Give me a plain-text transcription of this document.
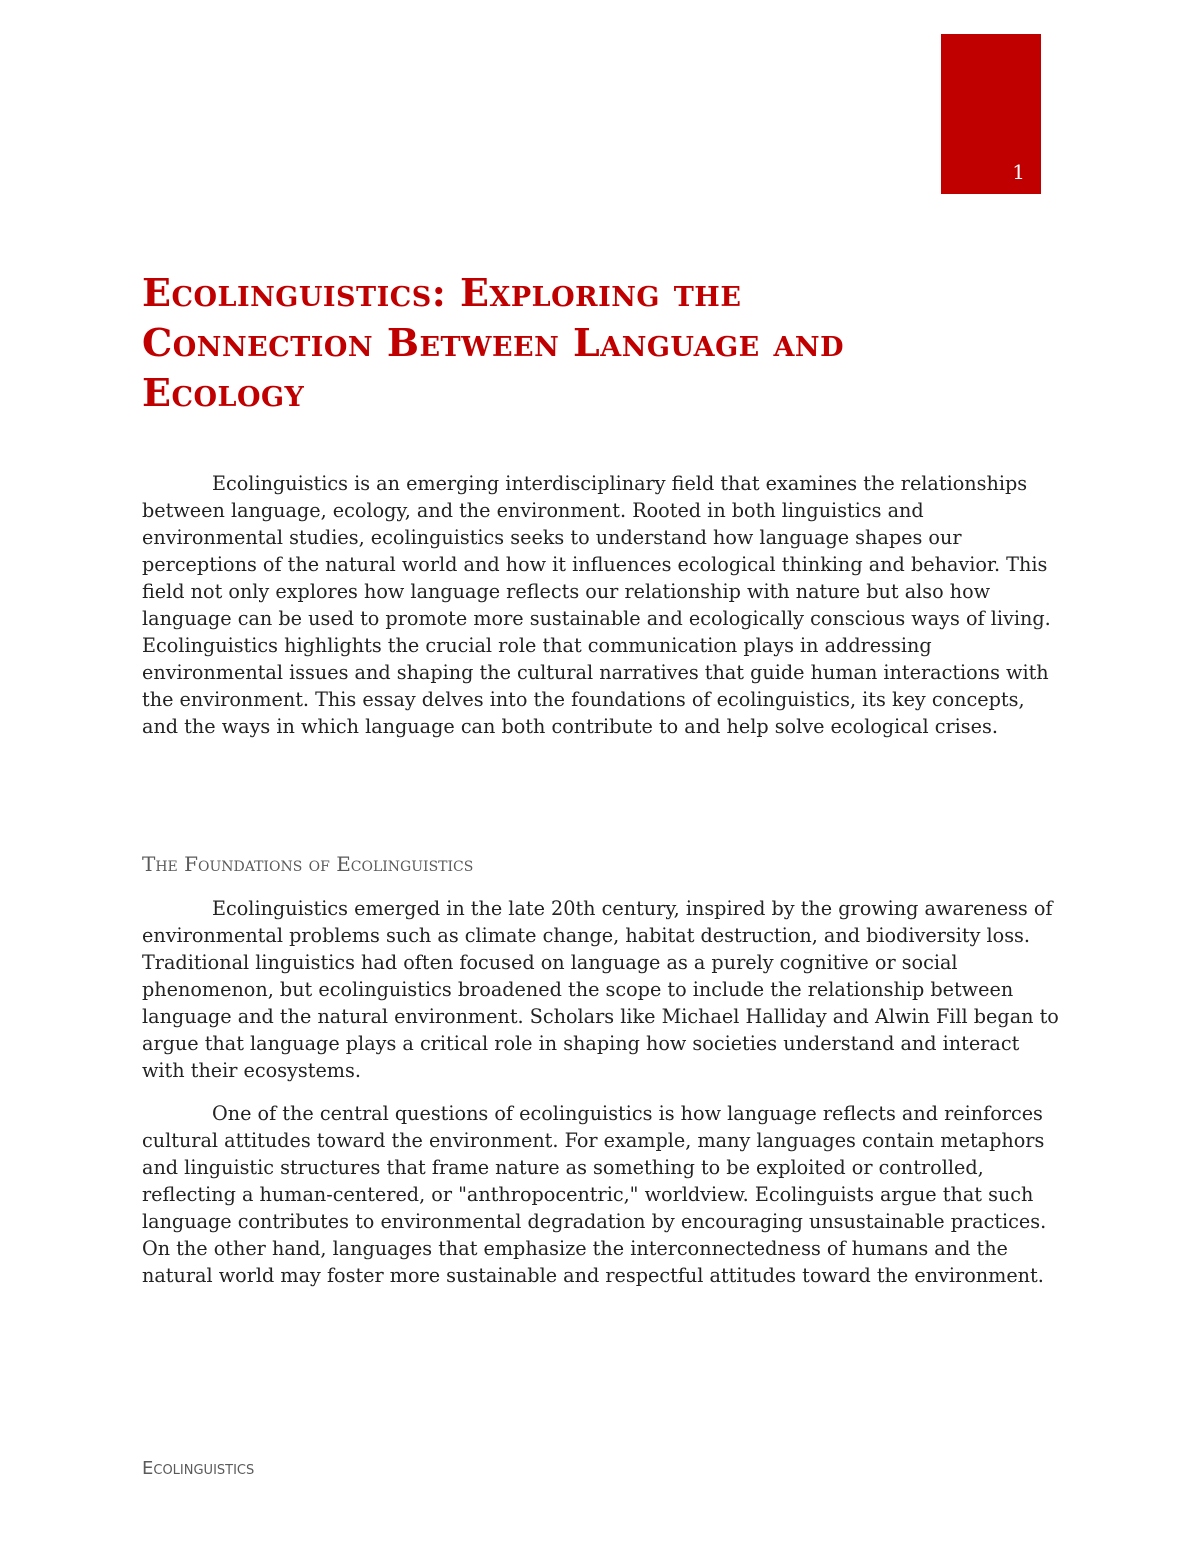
1
Ecolinguistics: Exploring the Connection Between Language and Ecology

Ecolinguistics is an emerging interdisciplinary field that examines the relationships between language, ecology, and the environment. Rooted in both linguistics and environmental studies, ecolinguistics seeks to understand how language shapes our perceptions of the natural world and how it influences ecological thinking and behavior. This field not only explores how language reflects our relationship with nature but also how language can be used to promote more sustainable and ecologically conscious ways of living. Ecolinguistics highlights the crucial role that communication plays in addressing environmental issues and shaping the cultural narratives that guide human interactions with the environment. This essay delves into the foundations of ecolinguistics, its key concepts, and the ways in which language can both contribute to and help solve ecological crises.

The Foundations of Ecolinguistics

Ecolinguistics emerged in the late 20th century, inspired by the growing awareness of environmental problems such as climate change, habitat destruction, and biodiversity loss. Traditional linguistics had often focused on language as a purely cognitive or social phenomenon, but ecolinguistics broadened the scope to include the relationship between language and the natural environment. Scholars like Michael Halliday and Alwin Fill began to argue that language plays a critical role in shaping how societies understand and interact with their ecosystems.

One of the central questions of ecolinguistics is how language reflects and reinforces cultural attitudes toward the environment. For example, many languages contain metaphors and linguistic structures that frame nature as something to be exploited or controlled, reflecting a human-centered, or "anthropocentric," worldview. Ecolinguists argue that such language contributes to environmental degradation by encouraging unsustainable practices. On the other hand, languages that emphasize the interconnectedness of humans and the natural world may foster more sustainable and respectful attitudes toward the environment.

Ecolinguistics
